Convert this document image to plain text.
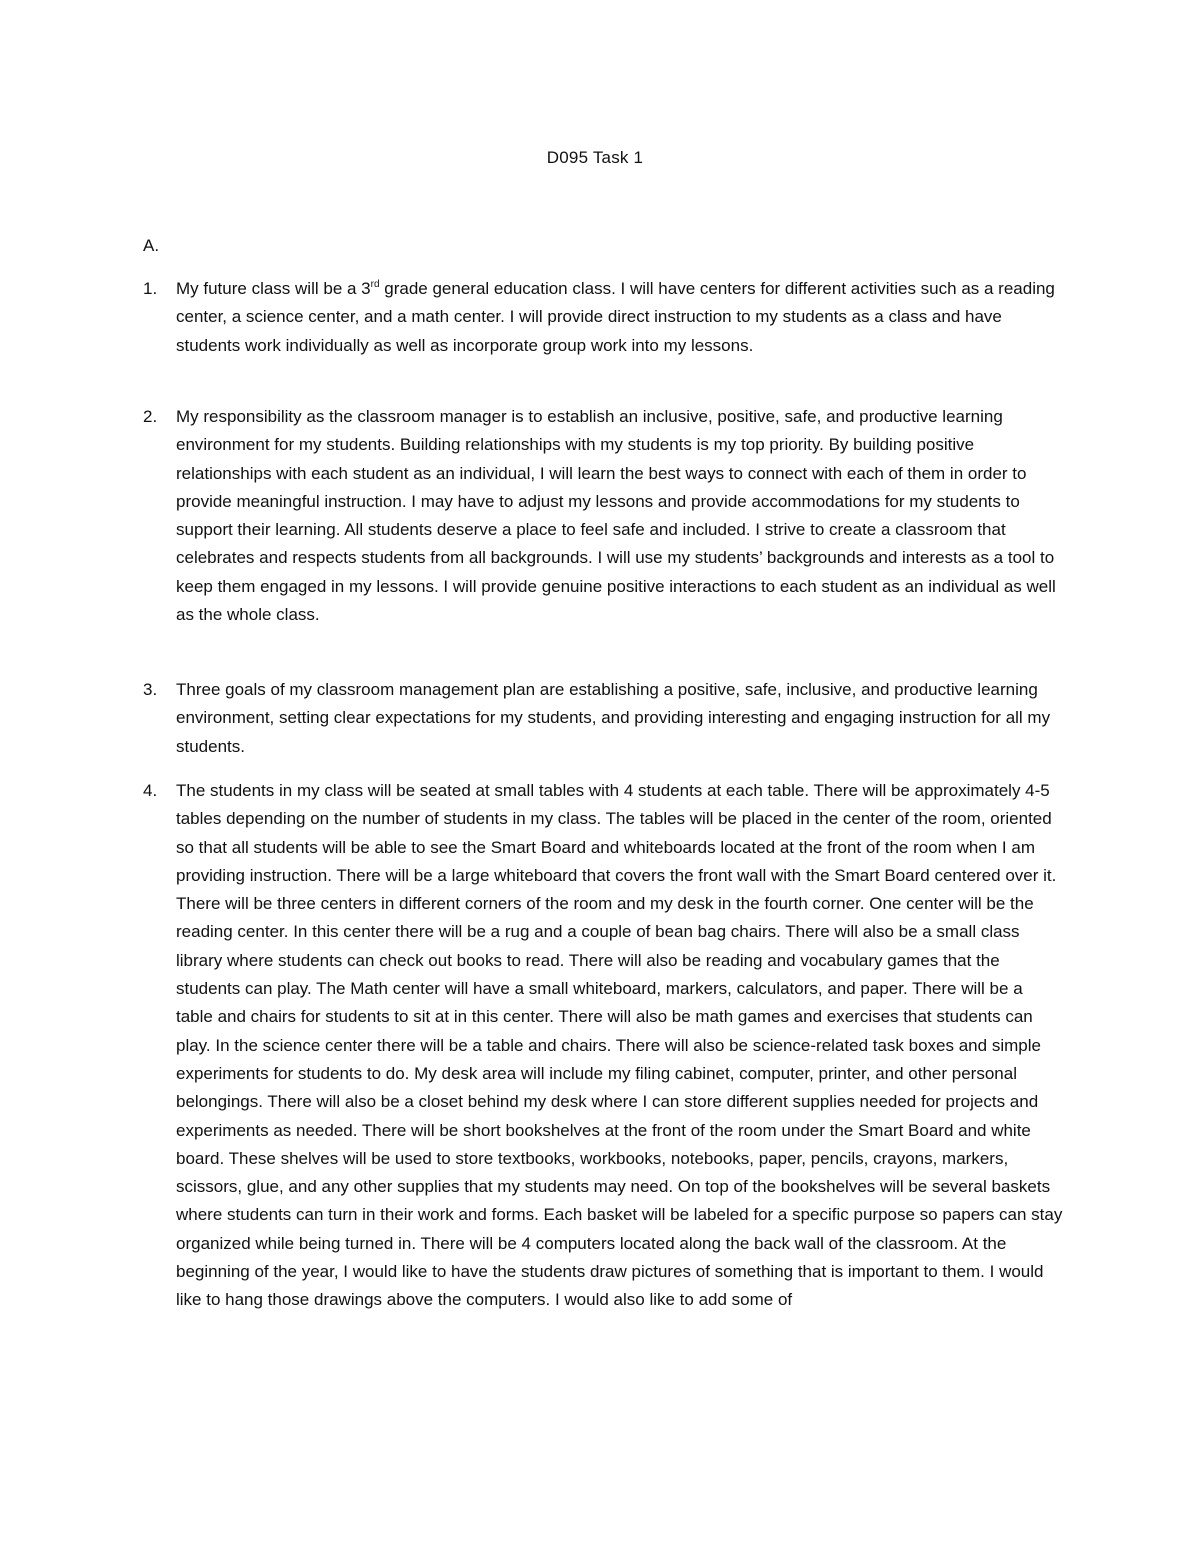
D095 Task 1
A.
1.	My future class will be a 3rd grade general education class. I will have centers for different activities such as a reading center, a science center, and a math center. I will provide direct instruction to my students as a class and have students work individually as well as incorporate group work into my lessons.
2.	My responsibility as the classroom manager is to establish an inclusive, positive, safe, and productive learning environment for my students. Building relationships with my students is my top priority. By building positive relationships with each student as an individual, I will learn the best ways to connect with each of them in order to provide meaningful instruction. I may have to adjust my lessons and provide accommodations for my students to support their learning. All students deserve a place to feel safe and included. I strive to create a classroom that celebrates and respects students from all backgrounds. I will use my students’ backgrounds and interests as a tool to keep them engaged in my lessons. I will provide genuine positive interactions to each student as an individual as well as the whole class.
3.	Three goals of my classroom management plan are establishing a positive, safe, inclusive, and productive learning environment, setting clear expectations for my students, and providing interesting and engaging instruction for all my students.
4.	The students in my class will be seated at small tables with 4 students at each table. There will be approximately 4-5 tables depending on the number of students in my class. The tables will be placed in the center of the room, oriented so that all students will be able to see the Smart Board and whiteboards located at the front of the room when I am providing instruction. There will be a large whiteboard that covers the front wall with the Smart Board centered over it. There will be three centers in different corners of the room and my desk in the fourth corner. One center will be the reading center. In this center there will be a rug and a couple of bean bag chairs. There will also be a small class library where students can check out books to read. There will also be reading and vocabulary games that the students can play. The Math center will have a small whiteboard, markers, calculators, and paper. There will be a table and chairs for students to sit at in this center. There will also be math games and exercises that students can play. In the science center there will be a table and chairs. There will also be science-related task boxes and simple experiments for students to do. My desk area will include my filing cabinet, computer, printer, and other personal belongings. There will also be a closet behind my desk where I can store different supplies needed for projects and experiments as needed. There will be short bookshelves at the front of the room under the Smart Board and white board. These shelves will be used to store textbooks, workbooks, notebooks, paper, pencils, crayons, markers, scissors, glue, and any other supplies that my students may need. On top of the bookshelves will be several baskets where students can turn in their work and forms. Each basket will be labeled for a specific purpose so papers can stay organized while being turned in. There will be 4 computers located along the back wall of the classroom. At the beginning of the year, I would like to have the students draw pictures of something that is important to them. I would like to hang those drawings above the computers. I would also like to add some of
